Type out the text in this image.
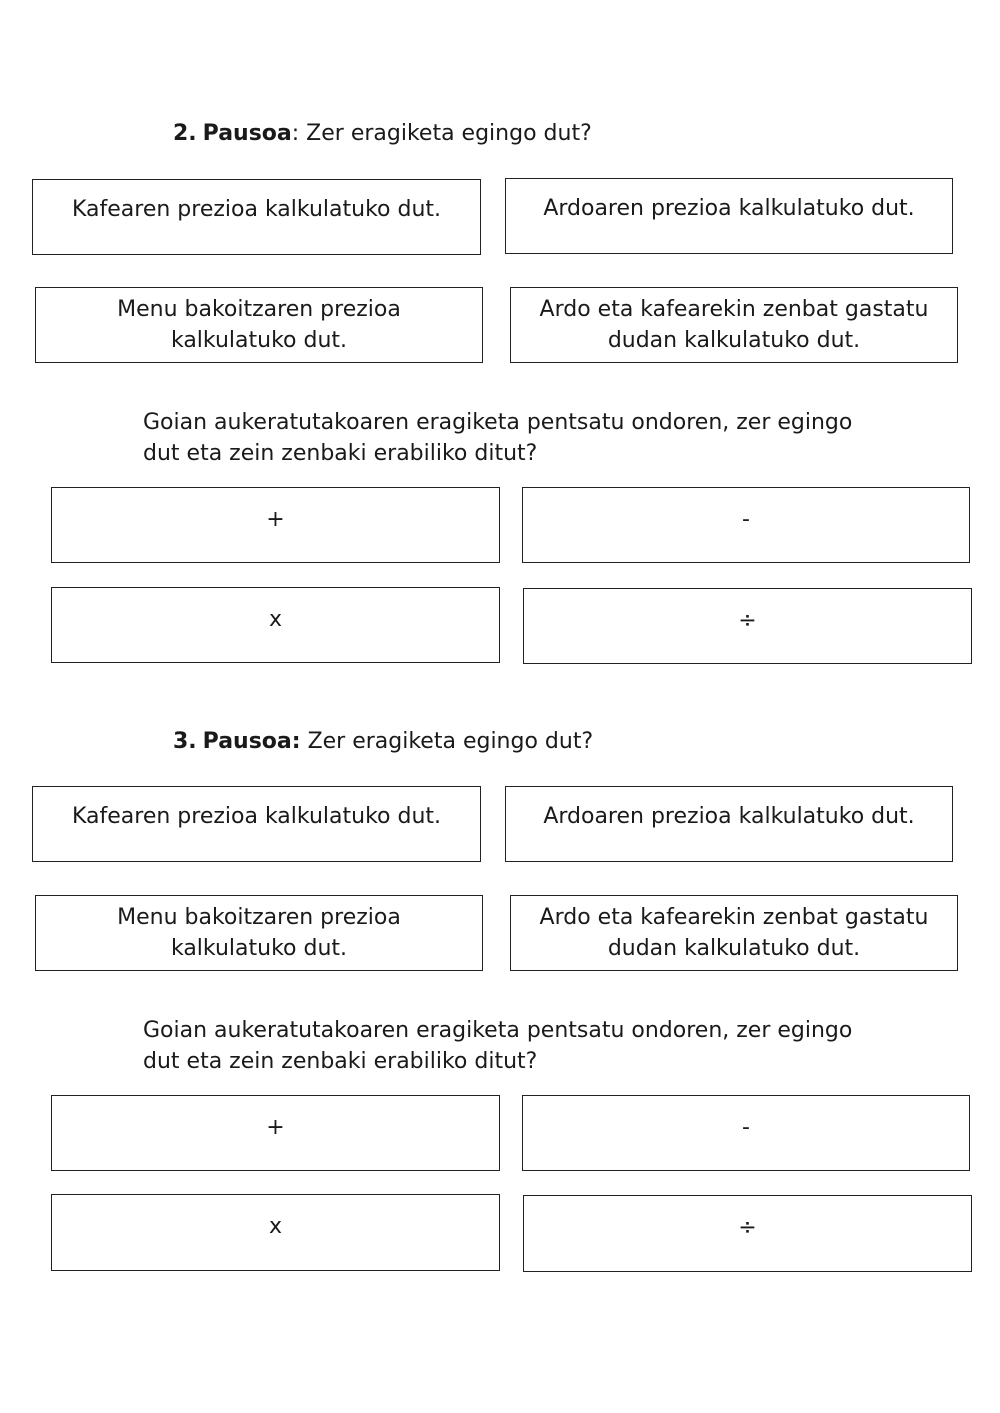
2. Pausoa: Zer eragiketa egingo dut?
Kafearen prezioa kalkulatuko dut.	Ardoaren prezioa kalkulatuko dut.
Menu bakoitzaren prezioa kalkulatuko dut.
Ardo eta kafearekin zenbat gastatu dudan kalkulatuko dut.
Goian aukeratutakoaren eragiketa pentsatu ondoren, zer egingo dut eta zein zenbaki erabiliko ditut?
+	-
x	÷
3. Pausoa: Zer eragiketa egingo dut?
Kafearen prezioa kalkulatuko dut.	Ardoaren prezioa kalkulatuko dut.
Menu bakoitzaren prezioa kalkulatuko dut.
Ardo eta kafearekin zenbat gastatu dudan kalkulatuko dut.
Goian aukeratutakoaren eragiketa pentsatu ondoren, zer egingo dut eta zein zenbaki erabiliko ditut?
+	-
x	÷
